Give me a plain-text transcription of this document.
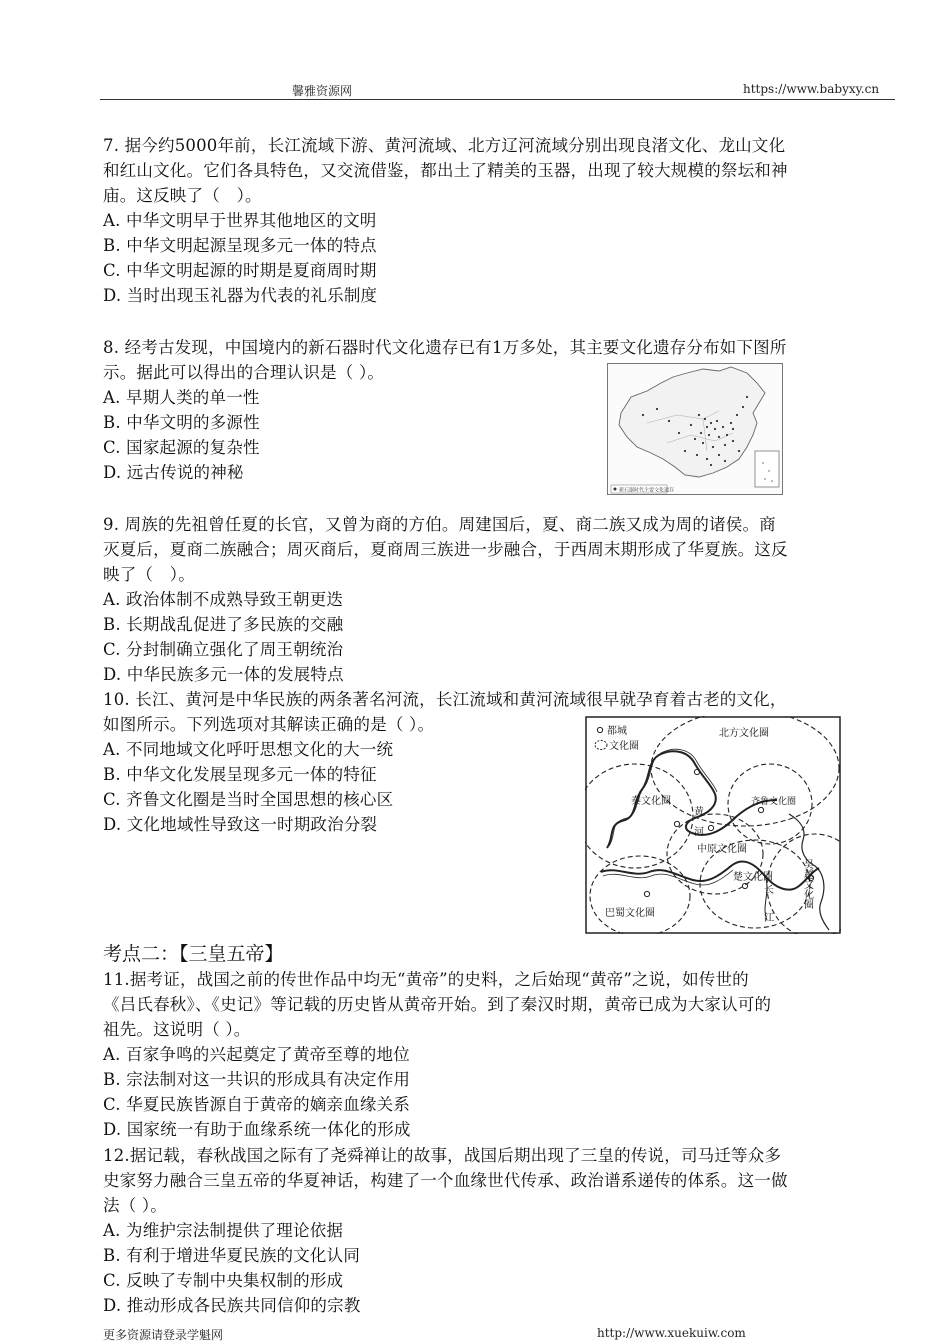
馨雅资源网	https://www.babyxy.cn
7. 据今约5000年前，长江流域下游、黄河流域、北方辽河流域分别出现良渚文化、龙山文化
和红山文化。它们各具特色，又交流借鉴，都出土了精美的玉器，出现了较大规模的祭坛和神
庙。这反映了（　）。
A. 中华文明早于世界其他地区的文明
B. 中华文明起源呈现多元一体的特点
C. 中华文明起源的时期是夏商周时期
D. 当时出现玉礼器为代表的礼乐制度
8. 经考古发现，中国境内的新石器时代文化遗存已有1万多处，其主要文化遗存分布如下图所
示。据此可以得出的合理认识是（ ）。
A. 早期人类的单一性
B. 中华文明的多源性
C. 国家起源的复杂性
D. 远古传说的神秘
新石器时代主要文化遗存
9. 周族的先祖曾任夏的长官，又曾为商的方伯。周建国后，夏、商二族又成为周的诸侯。商
灭夏后，夏商二族融合；周灭商后，夏商周三族进一步融合，于西周末期形成了华夏族。这反
映了（　）。
A. 政治体制不成熟导致王朝更迭
B. 长期战乱促进了多民族的交融
C. 分封制确立强化了周王朝统治
D. 中华民族多元一体的发展特点
10. 长江、黄河是中华民族的两条著名河流，长江流域和黄河流域很早就孕育着古老的文化，
如图所示。下列选项对其解读正确的是（ ）。
A. 不同地域文化呼吁思想文化的大一统
B. 中华文化发展呈现多元一体的特征
C. 齐鲁文化圈是当时全国思想的核心区
D. 文化地域性导致这一时期政治分裂
都城
文化圈
北方文化圈
秦文化圈	齐鲁文化圈
中原文化圈
楚文化圈
巴蜀文化圈
吴越文化圈
黄河
长江
考点二：【三皇五帝】
11.据考证，战国之前的传世作品中均无“黄帝”的史料，之后始现“黄帝”之说，如传世的
《吕氏春秋》、《史记》等记载的历史皆从黄帝开始。到了秦汉时期，黄帝已成为大家认可的
祖先。这说明（ ）。
A. 百家争鸣的兴起奠定了黄帝至尊的地位
B. 宗法制对这一共识的形成具有决定作用
C. 华夏民族皆源自于黄帝的嫡亲血缘关系
D. 国家统一有助于血缘系统一体化的形成
12.据记载，春秋战国之际有了尧舜禅让的故事，战国后期出现了三皇的传说，司马迁等众多
史家努力融合三皇五帝的华夏神话，构建了一个血缘世代传承、政治谱系递传的体系。这一做
法（ ）。
A. 为维护宗法制提供了理论依据
B. 有利于增进华夏民族的文化认同
C. 反映了专制中央集权制的形成
D. 推动形成各民族共同信仰的宗教
更多资源请登录学魁网	http://www.xuekuiw.com
